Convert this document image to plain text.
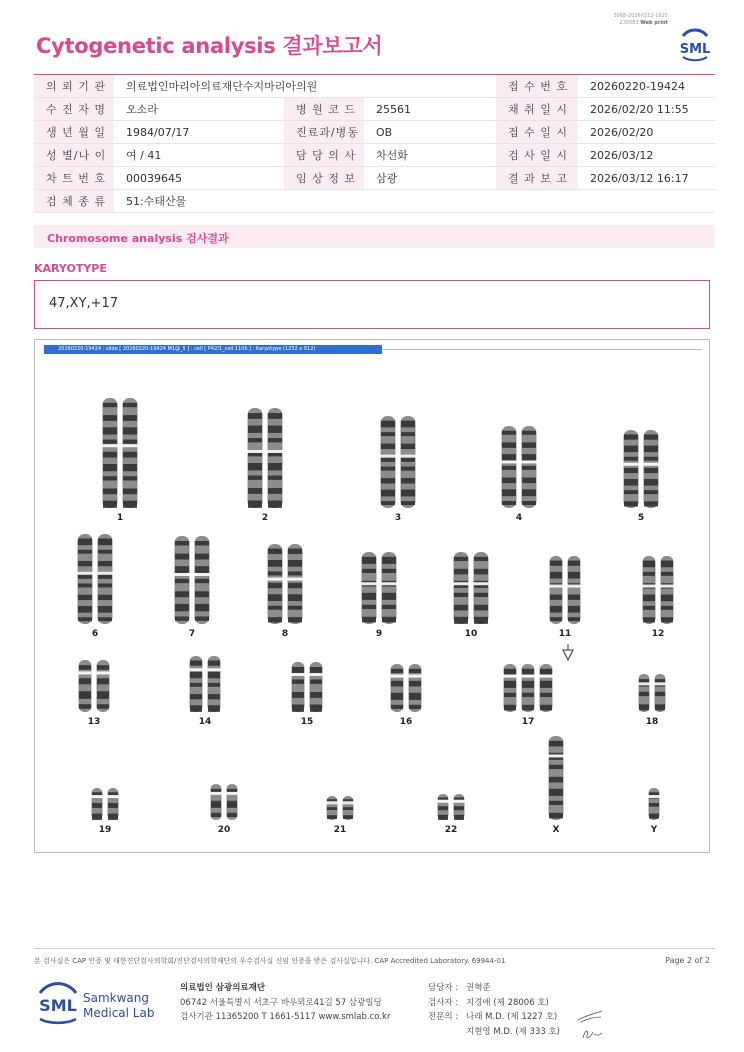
3068-20260312-1625
230083 Web print
Cytogenetic analysis 결과보고서	SML
의 뢰 기 관	의료법인마리아의료재단수지마리아의원			접 수 번 호	20260220-19424
수 진 자 명	오소라	병 원 코 드	25561	채 취 일 시	2026/02/20 11:55
생 년 월 일	1984/07/17	진료과/병동	OB	접 수 일 시	2026/02/20
성 별/나 이	여 / 41	담 당 의 사	차선화	검 사 일 시	2026/03/12
차 트 번 호	00039645	임 상 정 보	삼광	결 과 보 고	2026/03/12 16:17
검 체 종 류	51:수태산물				
Chromosome analysis 검사결과
KARYOTYPE
47,XY,+17
1	2	3	4	5
6	7	8	9	10	11	12
13	14	15	16	17	18
19	20	21	22	X	Y
20260220-19424 : slide [ 20260220-19424 M1@_5 ] : cell [ P42/1_cell.1106 ] : Karyotype (1232 x 912)
본 검사실은 CAP 인증 및 대한진단검사의학회/진단검사의학재단의 우수검사실 신임 인증을 받은 검사실입니다. CAP Accredited Laboratory. 69944-01	Page 2 of 2
SML Samkwang
Medical Lab
의료법인 삼광의료재단
06742 서울특별시 서초구 바우뫼로41길 57 삼광빌딩
검사기관 11365200 T 1661-5117 www.smlab.co.kr
담당자 : 권혁준
검사자 : 지경애 (제 28006 호)
전문의 : 나래 M.D. (제 1227 호)
지현영 M.D. (제 333 호)
